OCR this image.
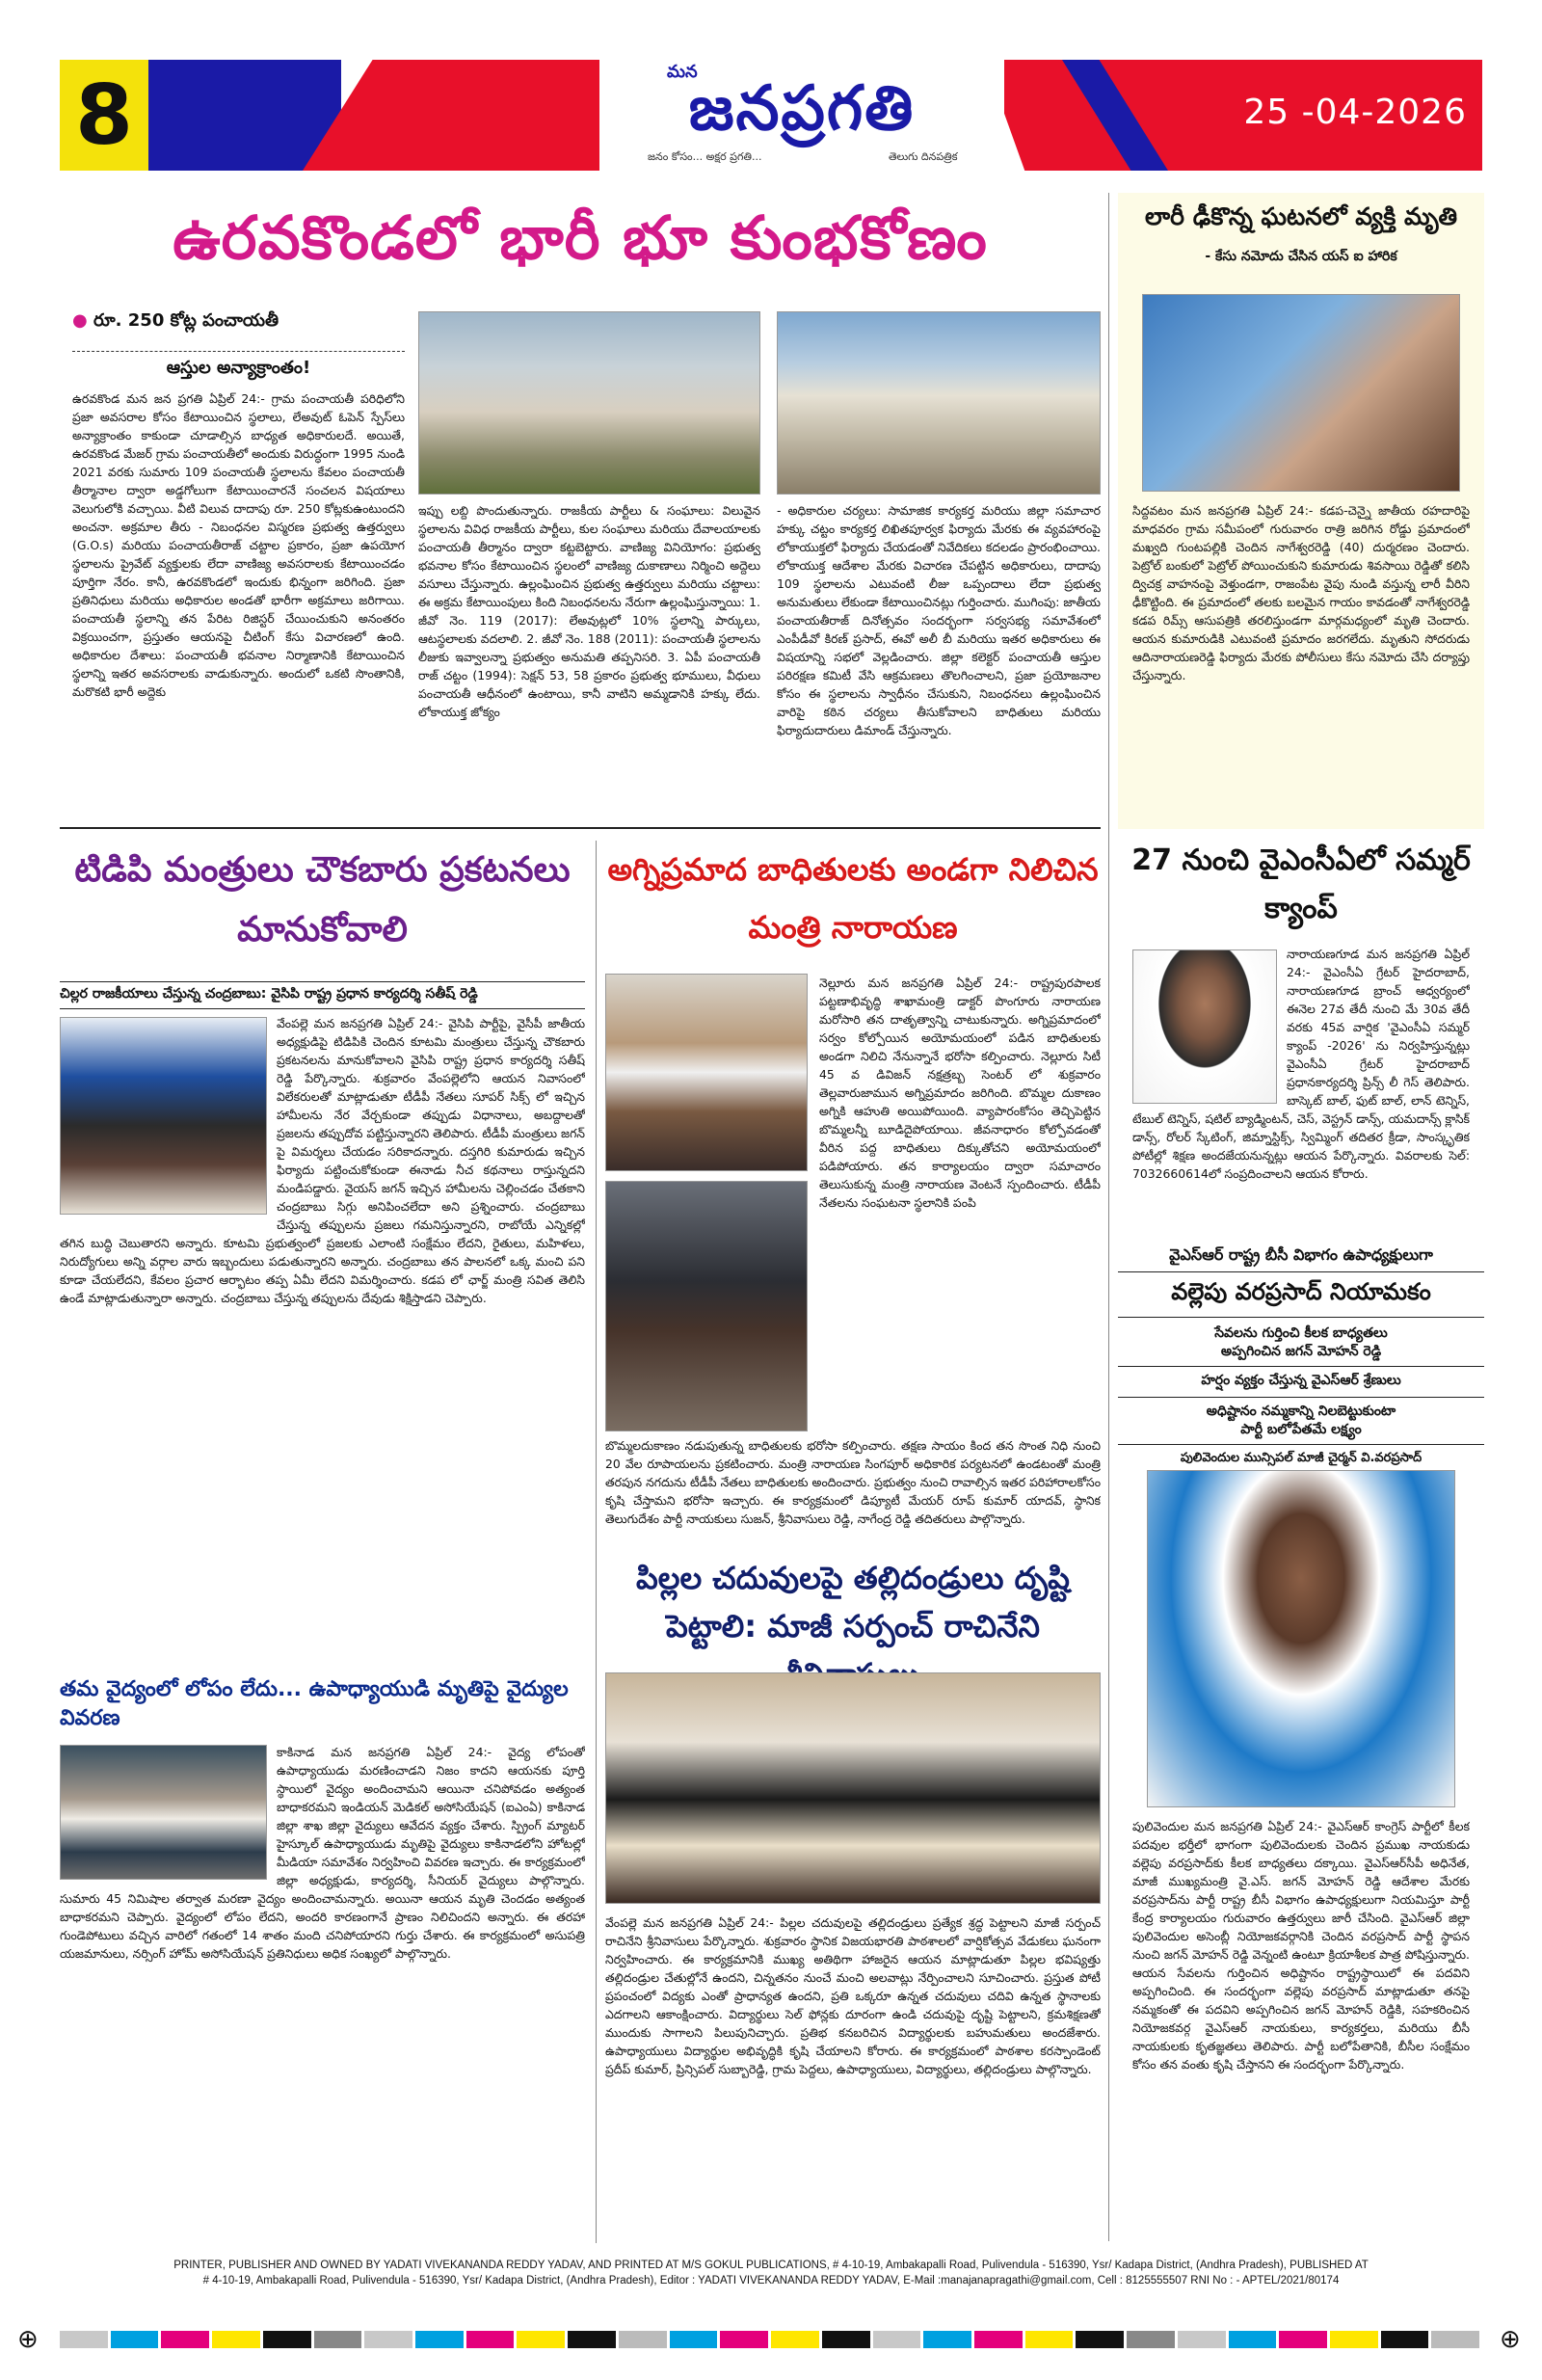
8	మన
జనప్రగతి
జనం కోసం... అక్షర ప్రగతి...	తెలుగు దినపత్రిక
25 -04-2026
ఉరవకొండలో భారీ భూ కుంభకోణం
● రూ. 250 కోట్ల పంచాయతీ
ఆస్తుల అన్యాక్రాంతం!
ఉరవకొండ మన జన ప్రగతి ఏప్రిల్ 24:- గ్రామ పంచాయతీ పరిధిలోని ప్రజా అవసరాల కోసం కేటాయించిన స్థలాలు, లేఅవుట్ ఓపెన్ స్పేస్‌లు అన్యాక్రాంతం కాకుండా చూడాల్సిన బాధ్యత అధికారులదే. అయితే, ఉరవకొండ మేజర్ గ్రామ పంచాయతీలో అందుకు విరుద్ధంగా 1995 నుండి 2021 వరకు సుమారు 109 పంచాయతీ స్థలాలను కేవలం పంచాయతీ తీర్మానాల ద్వారా అడ్డగోలుగా కేటాయించారనే సంచలన విషయాలు వెలుగులోకి వచ్చాయి. వీటి విలువ దాదాపు రూ. 250 కోట్లకుఉంటుందని అంచనా. అక్రమాల తీరు - నిబంధనల విస్మరణ ప్రభుత్వ ఉత్తర్వులు (G.O.s) మరియు పంచాయతీరాజ్ చట్టాల ప్రకారం, ప్రజా ఉపయోగ స్థలాలను ప్రైవేట్ వ్యక్తులకు లేదా వాణిజ్య అవసరాలకు కేటాయించడం పూర్తిగా నేరం. కానీ, ఉరవకొండలో ఇందుకు భిన్నంగా జరిగింది. ప్రజా ప్రతినిధులు మరియు అధికారుల అండతో భారీగా అక్రమాలు జరిగాయి. పంచాయతీ స్థలాన్ని తన పేరిట రిజిస్టర్ చేయించుకుని అనంతరం విక్రయించగా, ప్రస్తుతం ఆయనపై చీటింగ్ కేసు విచారణలో ఉంది. అధికారుల దేశాలు: పంచాయతీ భవనాల నిర్మాణానికి కేటాయించిన స్థలాన్ని ఇతర అవసరాలకు వాడుకున్నారు. అందులో ఒకటి సొంతానికి, మరొకటి భారీ అద్దెకు
ఇప్పు లబ్ది పొందుతున్నారు. రాజకీయ పార్టీలు & సంఘాలు: విలువైన స్థలాలను వివిధ రాజకీయ పార్టీలు, కుల సంఘాలు మరియు దేవాలయాలకు పంచాయతీ తీర్మానం ద్వారా కట్టబెట్టారు. వాణిజ్య వినియోగం: ప్రభుత్వ భవనాల కోసం కేటాయించిన స్థలంలో వాణిజ్య దుకాణాలు నిర్మించి అద్దెలు వసూలు చేస్తున్నారు. ఉల్లంఘించిన ప్రభుత్వ ఉత్తర్వులు మరియు చట్టాలు: ఈ అక్రమ కేటాయింపులు కింది నిబంధనలను నేరుగా ఉల్లంఘిస్తున్నాయి: 1. జీవో నెం. 119 (2017): లేఅవుట్లలో 10% స్థలాన్ని పార్కులు, ఆటస్థలాలకు వదలాలి. 2. జీవో నెం. 188 (2011): పంచాయతీ స్థలాలను లీజుకు ఇవ్వాలన్నా ప్రభుత్వం అనుమతి తప్పనిసరి. 3. ఏపీ పంచాయతీ రాజ్ చట్టం (1994): సెక్షన్ 53, 58 ప్రకారం ప్రభుత్వ భూములు, వీధులు పంచాయతీ ఆధీనంలో ఉంటాయి, కానీ వాటిని అమ్మడానికి హక్కు లేదు. లోకాయుక్త జోక్యం
- అధికారుల చర్యలు: సామాజిక కార్యకర్త మరియు జిల్లా సమాచార హక్కు చట్టం కార్యకర్త లిఖితపూర్వక ఫిర్యాదు మేరకు ఈ వ్యవహారంపై లోకాయుక్తలో ఫిర్యాదు చేయడంతో నివేదికలు కదలడం ప్రారంభించాయి. లోకాయుక్త ఆదేశాల మేరకు విచారణ చేపట్టిన అధికారులు, దాదాపు 109 స్థలాలను ఎటువంటి లీజు ఒప్పందాలు లేదా ప్రభుత్వ అనుమతులు లేకుండా కేటాయించినట్లు గుర్తించారు. ముగింపు: జాతీయ పంచాయతీరాజ్ దినోత్సవం సందర్భంగా సర్వసభ్య సమావేశంలో ఎంపీడీవో కిరణ్ ప్రసాద్, ఈవో అలీ బీ మరియు ఇతర అధికారులు ఈ విషయాన్ని సభలో వెల్లడించారు. జిల్లా కలెక్టర్ పంచాయతీ ఆస్తుల పరిరక్షణ కమిటీ వేసి ఆక్రమణలు తొలగించాలని, ప్రజా ప్రయోజనాల కోసం ఈ స్థలాలను స్వాధీనం చేసుకుని, నిబంధనలు ఉల్లంఘించిన వారిపై కఠిన చర్యలు తీసుకోవాలని బాధితులు మరియు ఫిర్యాదుదారులు డిమాండ్ చేస్తున్నారు.
లారీ ఢీకొన్న ఘటనలో వ్యక్తి మృతి
- కేసు నమోదు చేసిన యస్ ఐ హారిక
సిద్దవటం మన జనప్రగతి ఏప్రిల్ 24:- కడప-చెన్నై జాతీయ రహదారిపై మాధవరం గ్రామ సమీపంలో గురువారం రాత్రి జరిగిన రోడ్డు ప్రమాదంలో మఖ్వది గుంటపల్లికి చెందిన నాగేశ్వరరెడ్డి (40) దుర్మరణం చెందారు. పెట్రోల్ బంకులో పెట్రోల్ పోయించుకుని కుమారుడు శివసాయి రెడ్డితో కలిసి ద్విచక్ర వాహనంపై వెళ్తుండగా, రాజంపేట వైపు నుండి వస్తున్న లారీ వీరిని ఢీకొట్టింది. ఈ ప్రమాదంలో తలకు బలమైన గాయం కావడంతో నాగేశ్వరరెడ్డి కడప రిమ్స్ ఆసుపత్రికి తరలిస్తుండగా మార్గమధ్యంలో మృతి చెందారు. ఆయన కుమారుడికి ఎటువంటి ప్రమాదం జరగలేదు. మృతుని సోదరుడు ఆదినారాయణరెడ్డి ఫిర్యాదు మేరకు పోలీసులు కేసు నమోదు చేసి దర్యాప్తు చేస్తున్నారు.
27 నుంచి వైఎంసీఏలో సమ్మర్ క్యాంప్
నారాయణగూడ మన జనప్రగతి ఏప్రిల్ 24:- వైఎంసీఏ గ్రేటర్ హైదరాబాద్, నారాయణగూడ బ్రాంచ్ ఆధ్వర్యంలో ఈనెల 27వ తేదీ నుంచి మే 30వ తేదీ వరకు 45వ వార్షిక 'వైఎంసీఏ సమ్మర్ క్యాంప్ -2026' ను నిర్వహిస్తున్నట్లు వైఎంసీఏ గ్రేటర్ హైదరాబాద్ ప్రధానకార్యదర్శి ప్రిన్స్ లీ గెస్ తెలిపారు. బాస్కెట్ బాల్, ఫుట్ బాల్, లాన్ టెన్నిస్, టేబుల్ టెన్నిస్, షటిల్ బ్యాడ్మింటన్, చెస్, వెస్ట్రన్ డాన్స్, యమదాన్స్ క్లాసిక్ డాన్స్, రోలర్ స్కేటింగ్, జిమ్నాస్టిక్స్, స్విమ్మింగ్ తదితర క్రీడా, సాంస్కృతిక పోటీల్లో శిక్షణ అందజేయనున్నట్లు ఆయన పేర్కొన్నారు. వివరాలకు సెల్: 7032660614లో సంప్రదించాలని ఆయన కోరారు.
వైఎస్ఆర్ రాష్ట్ర బీసీ విభాగం ఉపాధ్యక్షులుగా
వల్లెపు వరప్రసాద్ నియామకం
సేవలను గుర్తించి కీలక బాధ్యతలు
అప్పగించిన జగన్ మోహన్ రెడ్డి
హర్షం వ్యక్తం చేస్తున్న వైఎస్ఆర్ శ్రేణులు
అధిష్టానం నమ్మకాన్ని నిలబెట్టుకుంటా
పార్టీ బలోపేతమే లక్ష్యం
పులివెందుల మున్సిపల్ మాజీ చైర్మన్ వి.వరప్రసాద్
పులివెందుల మన జనప్రగతి ఏప్రిల్ 24:- వైఎస్ఆర్ కాంగ్రెస్ పార్టీలో కీలక పదవుల భర్తీలో భాగంగా పులివెందులకు చెందిన ప్రముఖ నాయకుడు వల్లెపు వరప్రసాద్‌కు కీలక బాధ్యతలు దక్కాయి. వైఎస్ఆర్‌సీపీ అధినేత, మాజీ ముఖ్యమంత్రి వై.ఎస్. జగన్ మోహన్ రెడ్డి ఆదేశాల మేరకు వరప్రసాద్‌ను పార్టీ రాష్ట్ర బీసీ విభాగం ఉపాధ్యక్షులుగా నియమిస్తూ పార్టీ కేంద్ర కార్యాలయం గురువారం ఉత్తర్వులు జారీ చేసింది. వైఎస్ఆర్ జిల్లా పులివెందుల అసెంబ్లీ నియోజకవర్గానికి చెందిన వరప్రసాద్ పార్టీ స్థాపన నుంచి జగన్ మోహన్ రెడ్డి వెన్నంటి ఉంటూ క్రియాశీలక పాత్ర పోషిస్తున్నారు. ఆయన సేవలను గుర్తించిన అధిష్టానం రాష్ట్రస్థాయిలో ఈ పదవిని అప్పగించింది. ఈ సందర్భంగా వల్లెపు వరప్రసాద్ మాట్లాడుతూ తనపై నమ్మకంతో ఈ పదవిని అప్పగించిన జగన్ మోహన్ రెడ్డికి, సహకరించిన నియోజకవర్గ వైఎస్ఆర్ నాయకులు, కార్యకర్తలు, మరియు బీసీ నాయకులకు కృతజ్ఞతలు తెలిపారు. పార్టీ బలోపేతానికి, బీసీల సంక్షేమం కోసం తన వంతు కృషి చేస్తానని ఈ సందర్భంగా పేర్కొన్నారు.
టిడిపి మంత్రులు చౌకబారు ప్రకటనలు మానుకోవాలి
చిల్లర రాజకీయాలు చేస్తున్న చంద్రబాబు: వైసిపి రాష్ట్ర ప్రధాన కార్యదర్శి సతీష్ రెడ్డి
వేంపల్లె మన జనప్రగతి ఏప్రిల్ 24:- వైసిపి పార్టీపై, వైసీపీ జాతీయ అధ్యక్షుడిపై టిడిపికి చెందిన కూటమి మంత్రులు చేస్తున్న చౌకబారు ప్రకటనలను మానుకోవాలని వైసిపి రాష్ట్ర ప్రధాన కార్యదర్శి సతీష్ రెడ్డి పేర్కొన్నారు. శుక్రవారం వేంపల్లెలోని ఆయన నివాసంలో విలేకరులతో మాట్లాడుతూ టీడీపీ నేతలు సూపర్ సిక్స్ లో ఇచ్చిన హామీలను నేర వేర్చకుండా తప్పుడు విధానాలు, అబద్దాలతో ప్రజలను తప్పుదోవ పట్టిస్తున్నారని తెలిపారు. టీడీపీ మంత్రులు జగన్ పై విమర్శలు చేయడం సరికాదన్నారు. దస్తగిరి కుమారుడు ఇచ్చిన ఫిర్యాదు పట్టించుకోకుండా ఈనాడు నీచ కథనాలు రాస్తున్నదని మండిపడ్డారు. వైయస్ జగన్ ఇచ్చిన హామీలను చెల్లించడం చేతకాని చంద్రబాబు సిగ్గు అనిపించలేదా అని ప్రశ్నించారు. చంద్రబాబు చేస్తున్న తప్పులను ప్రజలు గమనిస్తున్నారని, రాబోయే ఎన్నికల్లో తగిన బుద్ధి చెబుతారని అన్నారు. కూటమి ప్రభుత్వంలో ప్రజలకు ఎలాంటి సంక్షేమం లేదని, రైతులు, మహిళలు, నిరుద్యోగులు అన్ని వర్గాల వారు ఇబ్బందులు పడుతున్నారని అన్నారు. చంద్రబాబు తన పాలనలో ఒక్క మంచి పని కూడా చేయలేదని, కేవలం ప్రచార ఆర్భాటం తప్ప ఏమీ లేదని విమర్శించారు. కడప లో ఛార్జ్ మంత్రి సవిత తెలిసి ఉండే మాట్లాడుతున్నారా అన్నారు. చంద్రబాబు చేస్తున్న తప్పులను దేవుడు శిక్షిస్తాడని చెప్పారు.
తమ వైద్యంలో లోపం లేదు... ఉపాధ్యాయుడి మృతిపై వైద్యుల వివరణ
కాకినాడ మన జనప్రగతి ఏప్రిల్ 24:- వైద్య లోపంతో ఉపాధ్యాయుడు మరణించాడని నిజం కాదని ఆయనకు పూర్తి స్థాయిలో వైద్యం అందించామని ఆయినా చనిపోవడం అత్యంత బాధాకరమని ఇండియన్ మెడికల్ అసోసియేషన్ (ఐఎంఏ) కాకినాడ జిల్లా శాఖ జిల్లా వైద్యులు ఆవేదన వ్యక్తం చేశారు. స్ప్రింగ్ మ్యాటర్ హైస్కూల్ ఉపాధ్యాయుడు మృతిపై వైద్యులు కాకినాడలోని హోటల్లో మీడియా సమావేశం నిర్వహించి వివరణ ఇచ్చారు. ఈ కార్యక్రమంలో జిల్లా అధ్యక్షుడు, కార్యదర్శి, సీనియర్ వైద్యులు పాల్గొన్నారు. సుమారు 45 నిమిషాల తర్వాత మరణా వైద్యం అందించామన్నారు. అయినా ఆయన మృతి చెందడం అత్యంత బాధాకరమని చెప్పారు. వైద్యంలో లోపం లేదని, అందరి కారణంగానే ప్రాణం నిలిచిందని అన్నారు. ఈ తరహా గుండెపోటులు వచ్చిన వారిలో గతంలో 14 శాతం మంది చనిపోయారని గుర్తు చేశారు. ఈ కార్యక్రమంలో అసుపత్రి యజమానులు, నర్సింగ్ హోమ్ అసోసియేషన్ ప్రతినిధులు అధిక సంఖ్యలో పాల్గొన్నారు.
అగ్నిప్రమాద బాధితులకు అండగా నిలిచిన మంత్రి నారాయణ
నెల్లూరు మన జనప్రగతి ఏప్రిల్ 24:- రాష్ట్రపురపాలక పట్టణాభివృద్ధి శాఖామంత్రి డాక్టర్ పొంగూరు నారాయణ మరోసారి తన దాతృత్వాన్ని చాటుకున్నారు. అగ్నిప్రమాదంలో సర్వం కోల్పోయిన అయోమయంలో పడిన బాధితులకు అండగా నిలిచి నేనున్నానే భరోసా కల్పించారు. నెల్లూరు సిటీ 45 వ డివిజన్ నక్షత్రబ్బ సెంటర్ లో శుక్రవారం తెల్లవారుజామున అగ్నిప్రమాదం జరిగింది. బొమ్మల దుకాణం అగ్నికి ఆహుతి అయిపోయింది. వ్యాపారంకోసం తెచ్చిపెట్టిన బొమ్మలన్నీ బూడిదైపోయాయి. జీవనాధారం కోల్పోవడంతో వీరిన పద్ద బాధితులు దిక్కుతోచని అయోమయంలో పడిపోయారు. తన కార్యాలయం ద్వారా సమాచారం తెలుసుకున్న మంత్రి నారాయణ వెంటనే స్పందించారు. టీడీపీ నేతలను సంఘటనా స్థలానికి పంపి
బొమ్మలదుకాణం నడుపుతున్న బాధితులకు భరోసా కల్పించారు. తక్షణ సాయం కింద తన సొంత నిధి నుంచి 20 వేల రూపాయలను ప్రకటించారు. మంత్రి నారాయణ సింగపూర్ అధికారిక పర్యటనలో ఉండటంతో మంత్రి తరపున నగదును టీడీపీ నేతలు బాధితులకు అందించారు. ప్రభుత్వం నుంచి రావాల్సిన ఇతర పరిహారాలకోసం కృషి చేస్తామని భరోసా ఇచ్చారు. ఈ కార్యక్రమంలో డిప్యూటీ మేయర్ రూప్ కుమార్ యాదవ్, స్థానిక తెలుగుదేశం పార్టీ నాయకులు సుజన్, శ్రీనివాసులు రెడ్డి, నాగేంద్ర రెడ్డి తదితరులు పాల్గొన్నారు.
పిల్లల చదువులపై తల్లిదండ్రులు దృష్టి పెట్టాలి: మాజీ సర్పంచ్ రాచినేని
వేంపల్లె మన జనప్రగతి ఏప్రిల్ 24:- పిల్లల చదువులపై తల్లిదండ్రులు ప్రత్యేక శ్రద్ధ పెట్టాలని మాజీ సర్పంచ్ రాచినేని శ్రీనివాసులు పేర్కొన్నారు. శుక్రవారం స్థానిక విజయభారతి పాఠశాలలో వార్షికోత్సవ వేడుకలు ఘనంగా నిర్వహించారు. ఈ కార్యక్రమానికి ముఖ్య అతిథిగా హాజరైన ఆయన మాట్లాడుతూ పిల్లల భవిష్యత్తు తల్లిదండ్రుల చేతుల్లోనే ఉందని, చిన్నతనం నుంచే మంచి అలవాట్లు నేర్పించాలని సూచించారు. ప్రస్తుత పోటీ ప్రపంచంలో విద్యకు ఎంతో ప్రాధాన్యత ఉందని, ప్రతి ఒక్కరూ ఉన్నత చదువులు చదివి ఉన్నత స్థానాలకు ఎదగాలని ఆకాంక్షించారు. విద్యార్థులు సెల్ ఫోన్లకు దూరంగా ఉండి చదువుపై దృష్టి పెట్టాలని, క్రమశిక్షణతో ముందుకు సాగాలని పిలుపునిచ్చారు. ప్రతిభ కనబరిచిన విద్యార్థులకు బహుమతులు అందజేశారు. ఉపాధ్యాయులు విద్యార్థుల అభివృద్ధికి కృషి చేయాలని కోరారు. ఈ కార్యక్రమంలో పాఠశాల కరస్పాండెంట్ ప్రదీప్ కుమార్, ప్రిన్సిపల్ సుబ్బారెడ్డి, గ్రామ పెద్దలు, ఉపాధ్యాయులు, విద్యార్థులు, తల్లిదండ్రులు పాల్గొన్నారు.
PRINTER, PUBLISHER AND OWNED BY YADATI VIVEKANANDA REDDY YADAV, AND PRINTED AT M/S GOKUL PUBLICATIONS, # 4-10-19, Ambakapalli Road, Pulivendula - 516390, Ysr/ Kadapa District, (Andhra Pradesh), PUBLISHED AT
# 4-10-19, Ambakapalli Road, Pulivendula - 516390, Ysr/ Kadapa District, (Andhra Pradesh), Editor : YADATI VIVEKANANDA REDDY YADAV, E-Mail :manajanapragathi@gmail.com, Cell : 8125555507 RNI No : - APTEL/2021/80174
⊕	⊕
